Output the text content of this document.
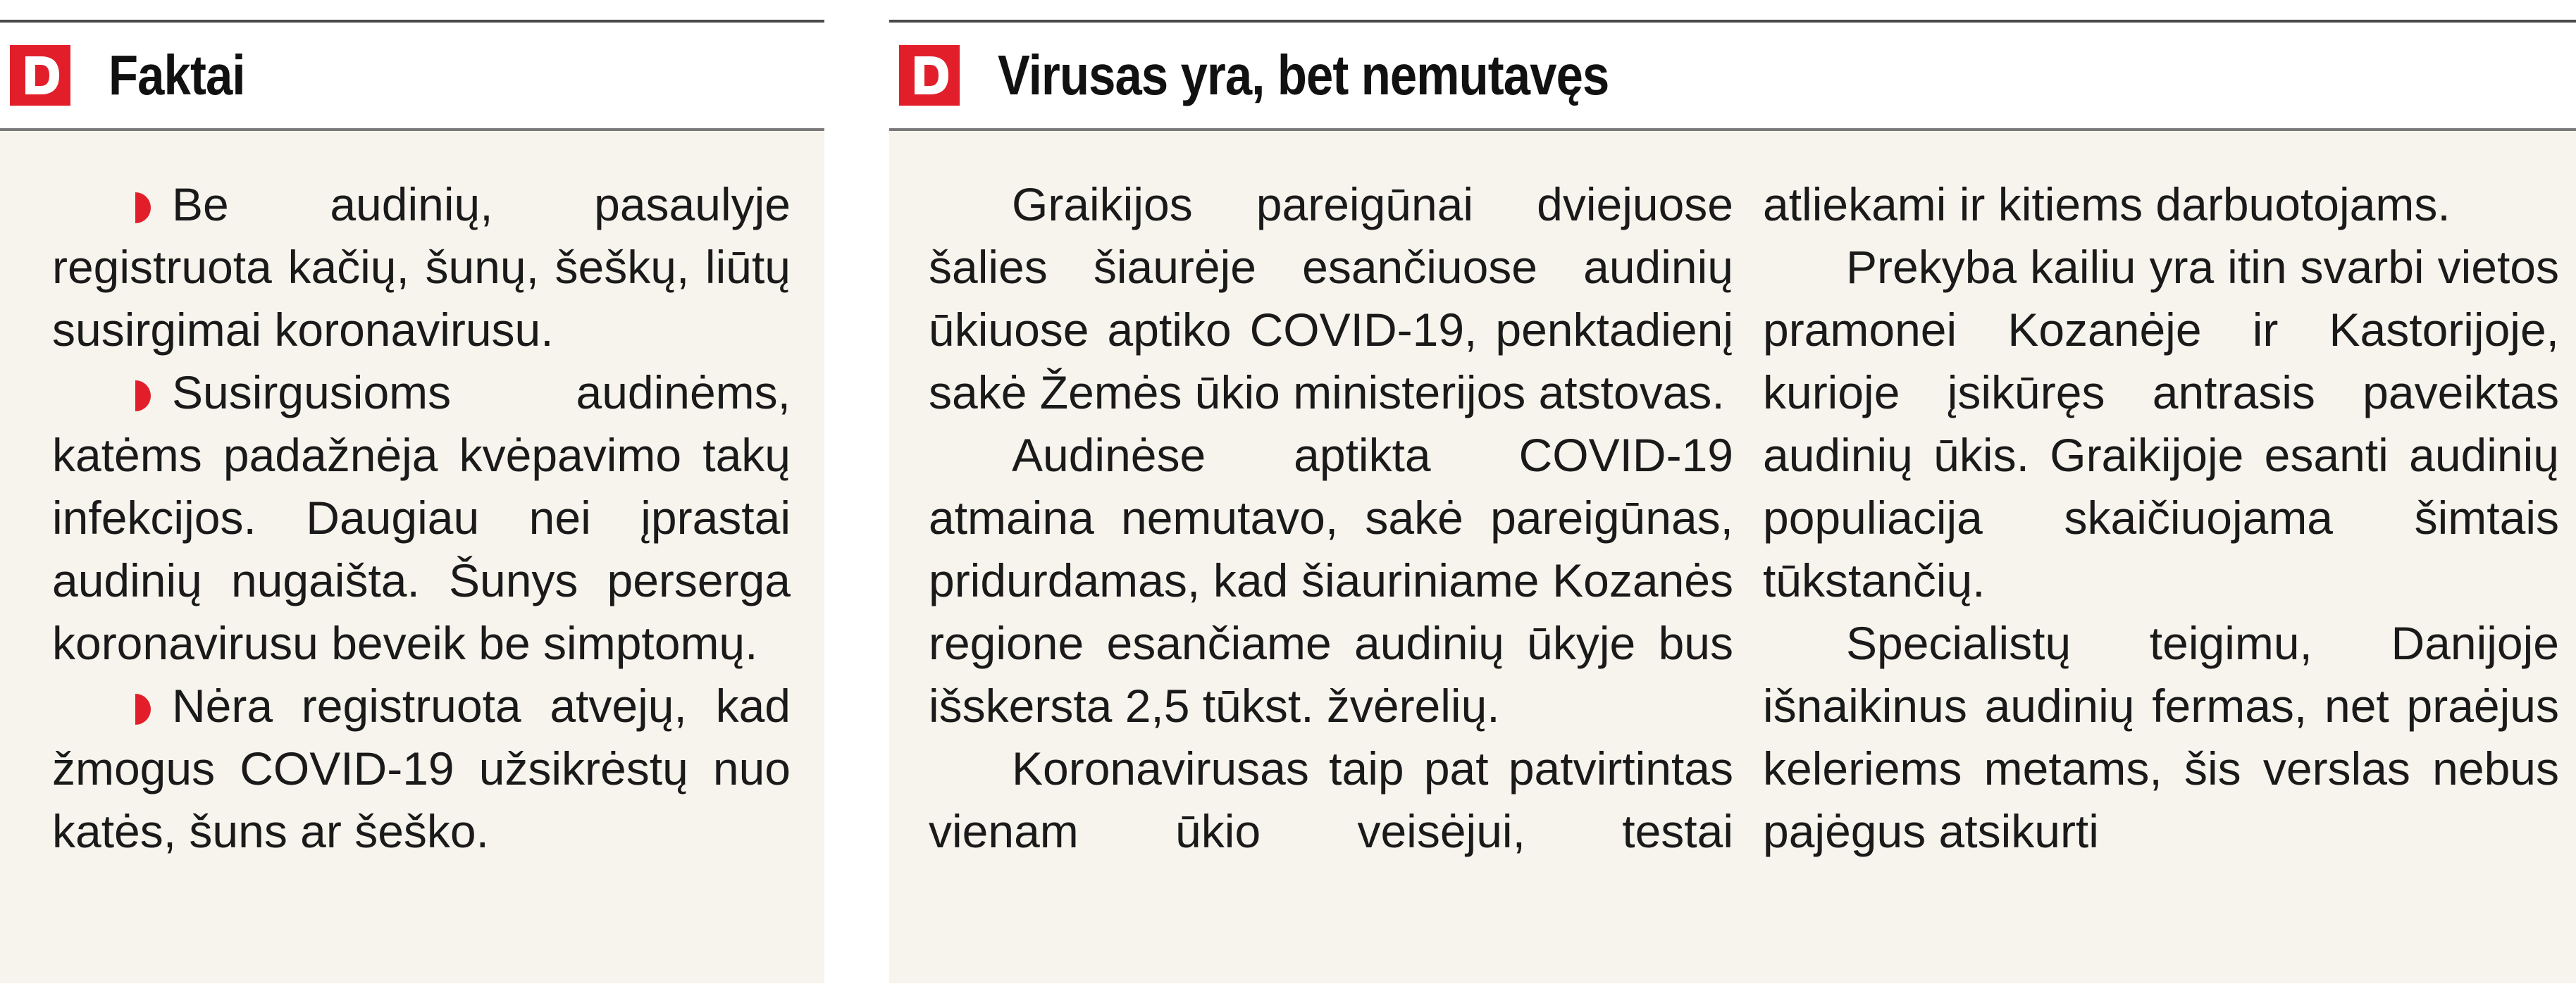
Faktai

Be audinių, pasaulyje registruota kačių, šunų, šeškų, liūtų susirgimai koronavirusu.

Susirgusioms audinėms, katėms padažnėja kvėpavimo takų infekcijos. Daugiau nei įprastai audinių nugaišta. Šunys perserga koronavirusu beveik be simptomų.

Nėra registruota atvejų, kad žmogus COVID-19 užsikrėstų nuo katės, šuns ar šeško.

Virusas yra, bet nemutavęs

Graikijos pareigūnai dviejuose šalies šiaurėje esančiuose audinių ūkiuose aptiko COVID-19, penktadienį sakė Žemės ūkio ministerijos atstovas.

Audinėse aptikta COVID-19 atmaina nemutavo, sakė pareigūnas, pridurdamas, kad šiauriniame Kozanės regione esančiame audinių ūkyje bus išskersta 2,5 tūkst. žvėrelių.

Koronavirusas taip pat patvirtintas vienam ūkio veisėjui, testai

atliekami ir kitiems darbuotojams.

Prekyba kailiu yra itin svarbi vietos pramonei Kozanėje ir Kastorijoje, kurioje įsikūręs antrasis paveiktas audinių ūkis. Graikijoje esanti audinių populiacija skaičiuojama šimtais tūkstančių.

Specialistų teigimu, Danijoje išnaikinus audinių fermas, net praėjus keleriems metams, šis verslas nebus pajėgus atsikurti
